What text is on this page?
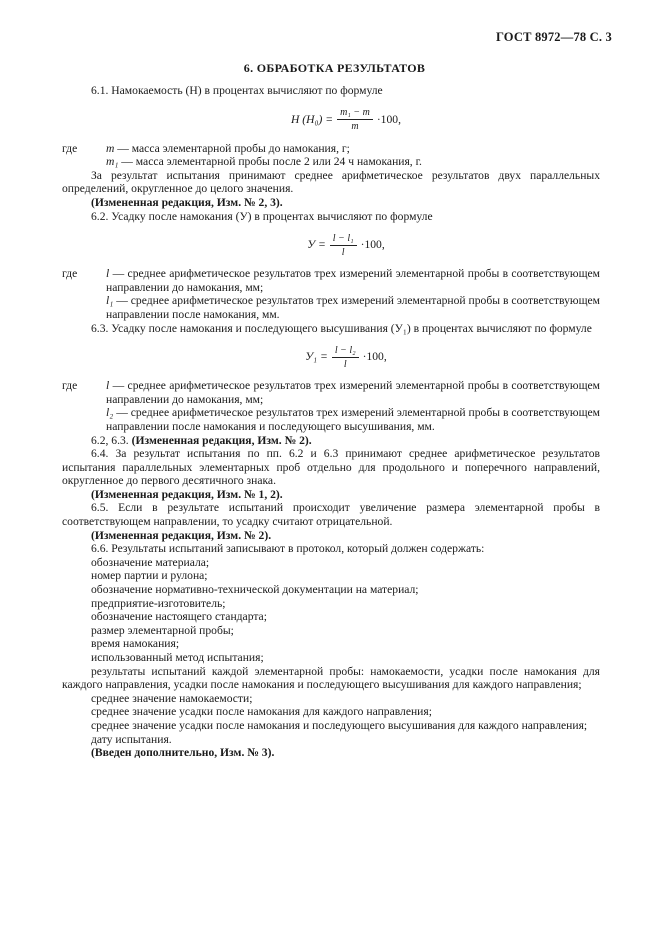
ГОСТ 8972—78 С. 3
6. ОБРАБОТКА РЕЗУЛЬТАТОВ

6.1. Намокаемость (H) в процентах вычисляют по формуле

H $(H_0) = \frac{\text{m₁ − m}}{m} \cdot 100$,
где	m — масса элементарной пробы до намокания, г;
m₁ — масса элементарной пробы после 2 или 24 ч намокания, г.

За результат испытания принимают среднее арифметическое результатов двух параллельных определений, округленное до целого значения.

(Измененная редакция, Изм. № 2, 3).

6.2. Усадку после намокания (У) в процентах вычисляют по формуле

$У = \frac{\text{l − l₁}}{l} \cdot 100$,
где	l — среднее арифметическое результатов трех измерений элементарной пробы в соответствующем направлении до намокания, мм;
l₁ — среднее арифметическое результатов трех измерений элементарной пробы в соответствующем направлении после намокания, мм.

6.3. Усадку после намокания и последующего высушивания (У₁) в процентах вычисляют по формуле

$У_1 = \frac{\text{l − l₂}}{l} \cdot 100$,
где	l — среднее арифметическое результатов трех измерений элементарной пробы в соответствующем направлении до намокания, мм;
l₂ — среднее арифметическое результатов трех измерений элементарной пробы в соответствующем направлении после намокания и последующего высушивания, мм.

6.2, 6.3. (Измененная редакция, Изм. № 2).

6.4. За результат испытания по пп. 6.2 и 6.3 принимают среднее арифметическое результатов испытания параллельных элементарных проб отдельно для продольного и поперечного направлений, округленное до первого десятичного знака.

(Измененная редакция, Изм. № 1, 2).

6.5. Если в результате испытаний происходит увеличение размера элементарной пробы в соответствующем направлении, то усадку считают отрицательной.

(Измененная редакция, Изм. № 2).

6.6. Результаты испытаний записывают в протокол, который должен содержать:

обозначение материала;

номер партии и рулона;

обозначение нормативно-технической документации на материал;

предприятие-изготовитель;

обозначение настоящего стандарта;

размер элементарной пробы;

время намокания;

использованный метод испытания;

результаты испытаний каждой элементарной пробы: намокаемости, усадки после намокания для каждого направления, усадки после намокания и последующего высушивания для каждого направления;

среднее значение намокаемости;

среднее значение усадки после намокания для каждого направления;

среднее значение усадки после намокания и последующего высушивания для каждого направления;

дату испытания.

(Введен дополнительно, Изм. № 3).
